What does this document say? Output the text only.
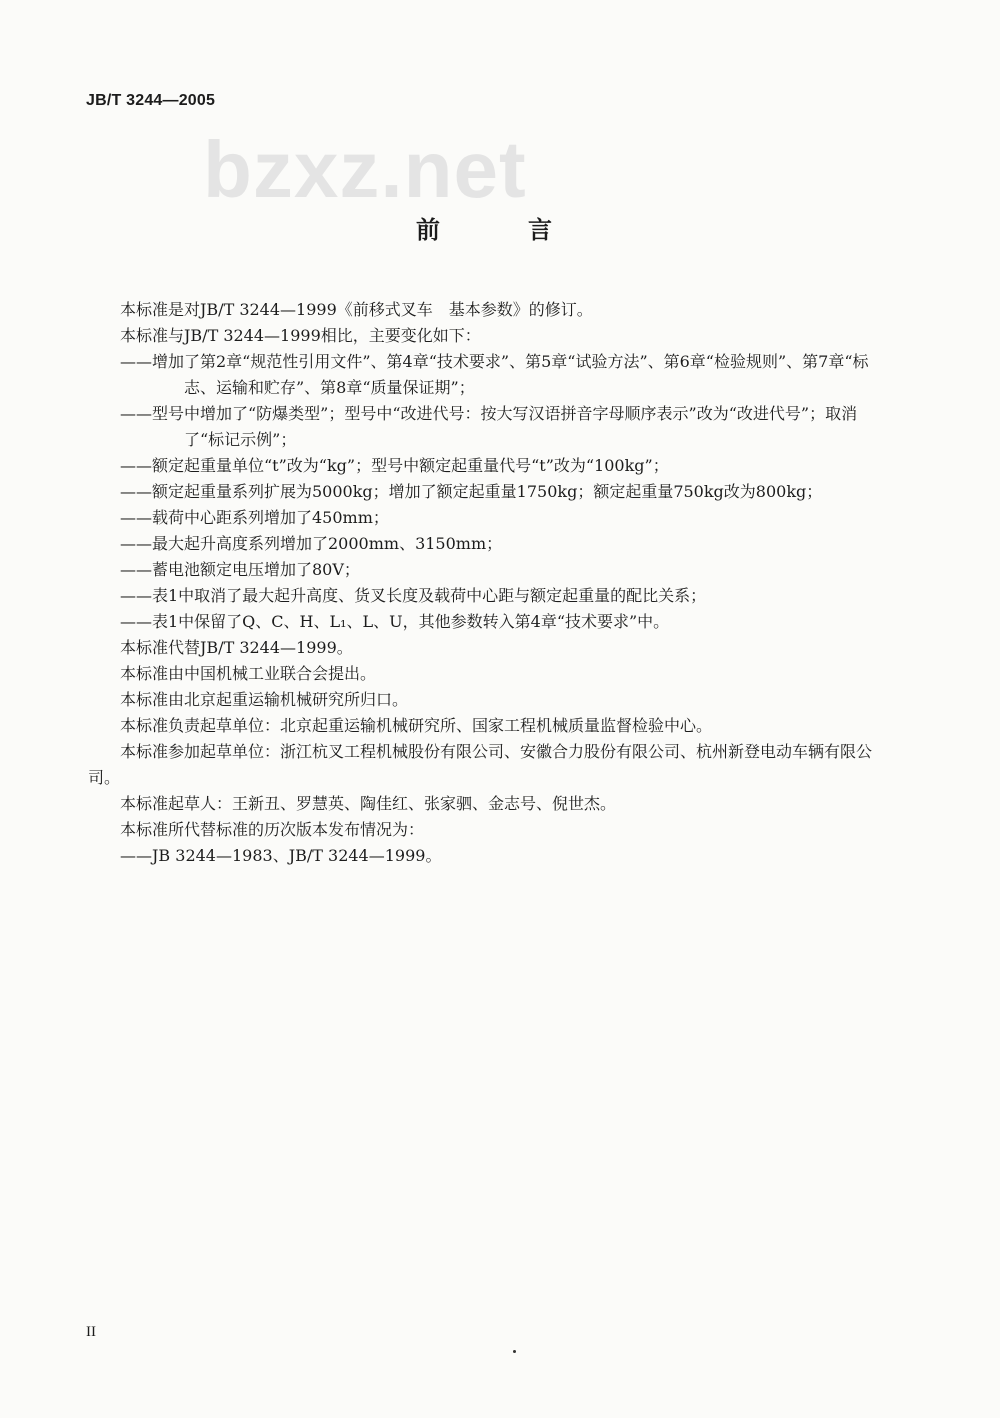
JB/T 3244—2005
bzxz.net
前　言

本标准是对JB/T 3244—1999《前移式叉车　基本参数》的修订。

本标准与JB/T 3244—1999相比，主要变化如下：

——增加了第2章“规范性引用文件”、第4章“技术要求”、第5章“试验方法”、第6章“检验规则”、第7章“标志、运输和贮存”、第8章“质量保证期”；

——型号中增加了“防爆类型”；型号中“改进代号：按大写汉语拼音字母顺序表示”改为“改进代号”；取消了“标记示例”；

——额定起重量单位“t”改为“kg”；型号中额定起重量代号“t”改为“100kg”；

——额定起重量系列扩展为5000kg；增加了额定起重量1750kg；额定起重量750kg改为800kg；

——载荷中心距系列增加了450mm；

——最大起升高度系列增加了2000mm、3150mm；

——蓄电池额定电压增加了80V；

——表1中取消了最大起升高度、货叉长度及载荷中心距与额定起重量的配比关系；

——表1中保留了Q、C、H、L₁、L、U，其他参数转入第4章“技术要求”中。

本标准代替JB/T 3244—1999。

本标准由中国机械工业联合会提出。

本标准由北京起重运输机械研究所归口。

本标准负责起草单位：北京起重运输机械研究所、国家工程机械质量监督检验中心。

本标准参加起草单位：浙江杭叉工程机械股份有限公司、安徽合力股份有限公司、杭州新登电动车辆有限公司。

本标准起草人：王新丑、罗慧英、陶佳红、张家驷、金志号、倪世杰。

本标准所代替标准的历次版本发布情况为：

——JB 3244—1983、JB/T 3244—1999。

II
